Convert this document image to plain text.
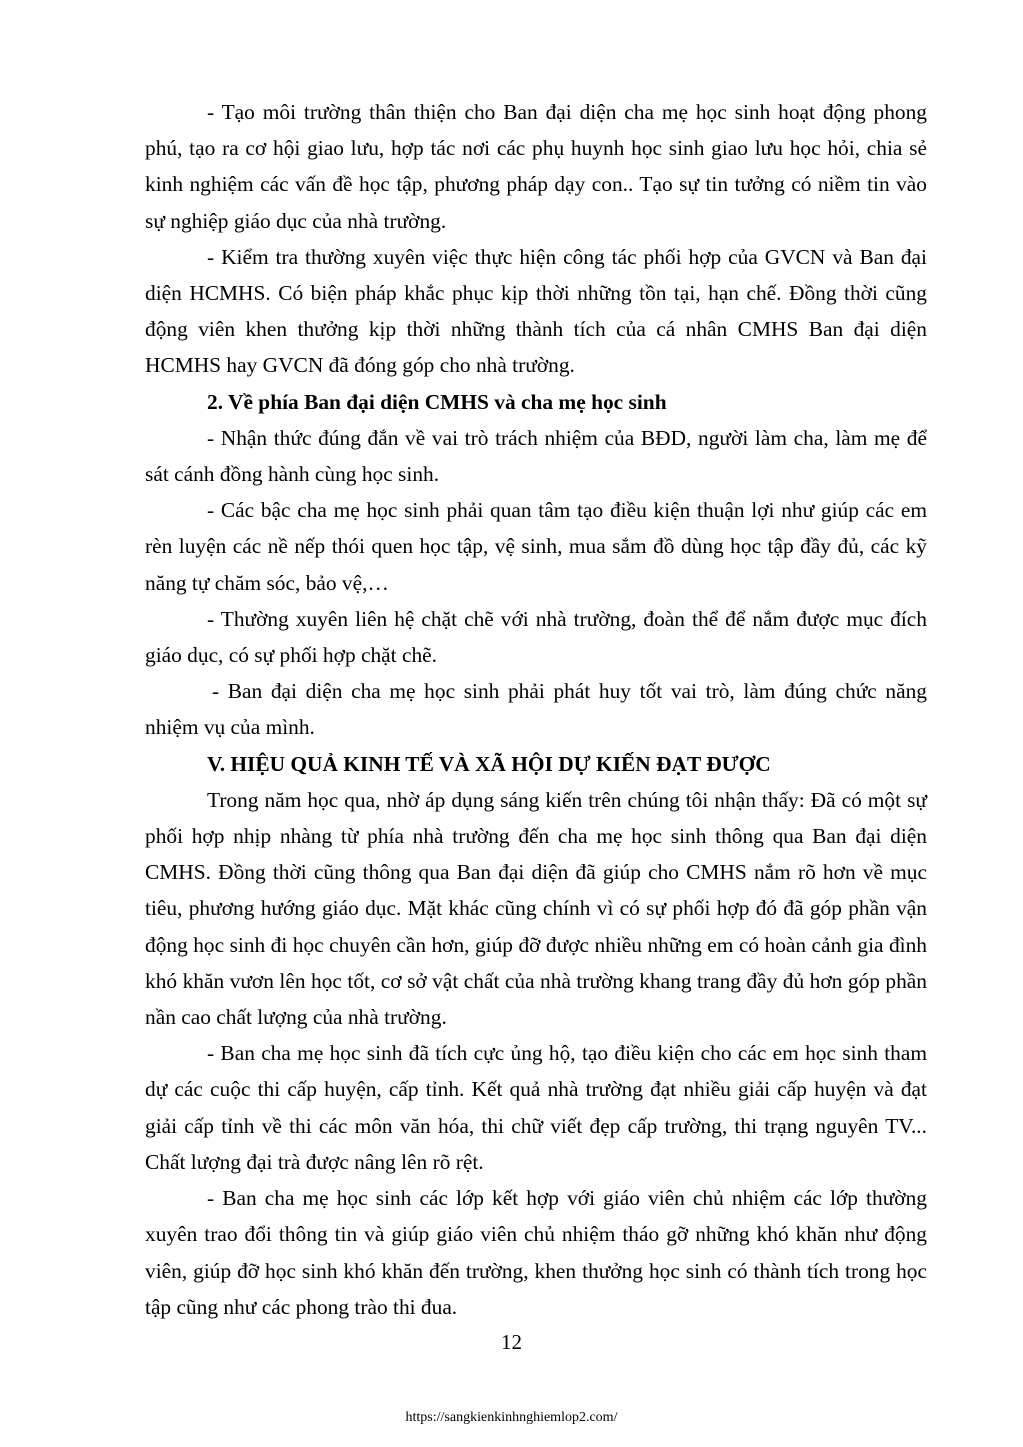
- Tạo môi trường thân thiện cho Ban đại diện cha mẹ học sinh hoạt động phong phú, tạo ra cơ hội giao lưu, hợp tác nơi các phụ huynh học sinh giao lưu học hỏi, chia sẻ kinh nghiệm các vấn đề học tập, phương pháp dạy con.. Tạo sự tin tưởng có niềm tin vào sự nghiệp giáo dục của nhà trường.

- Kiểm tra thường xuyên việc thực hiện công tác phối hợp của GVCN và Ban đại diện HCMHS. Có biện pháp khắc phục kịp thời những tồn tại, hạn chế. Đồng thời cũng động viên khen thưởng kịp thời những thành tích của cá nhân CMHS Ban đại diện HCMHS hay GVCN đã đóng góp cho nhà trường.

2. Về phía Ban đại diện CMHS và cha mẹ học sinh

- Nhận thức đúng đắn về vai trò trách nhiệm của BĐD, người làm cha, làm mẹ để sát cánh đồng hành cùng học sinh.

- Các bậc cha mẹ học sinh phải quan tâm tạo điều kiện thuận lợi như giúp các em rèn luyện các nề nếp thói quen học tập, vệ sinh, mua sắm đồ dùng học tập đầy đủ, các kỹ năng tự chăm sóc, bảo vệ,…

- Thường xuyên liên hệ chặt chẽ với nhà trường, đoàn thể để nắm được mục đích giáo dục, có sự phối hợp chặt chẽ.

- Ban đại diện cha mẹ học sinh phải phát huy tốt vai trò, làm đúng chức năng nhiệm vụ của mình.

V. HIỆU QUẢ KINH TẾ VÀ XÃ HỘI DỰ KIẾN ĐẠT ĐƯỢC

Trong năm học qua, nhờ áp dụng sáng kiến trên chúng tôi nhận thấy: Đã có một sự phối hợp nhịp nhàng từ phía nhà trường đến cha mẹ học sinh thông qua Ban đại diện CMHS. Đồng thời cũng thông qua Ban đại diện đã giúp cho CMHS nắm rõ hơn về mục tiêu, phương hướng giáo dục. Mặt khác cũng chính vì có sự phối hợp đó đã góp phần vận động học sinh đi học chuyên cần hơn, giúp đỡ được nhiều những em có hoàn cảnh gia đình khó khăn vươn lên học tốt, cơ sở vật chất của nhà trường khang trang đầy đủ hơn góp phần nần cao chất lượng của nhà trường.

- Ban cha mẹ học sinh đã tích cực ủng hộ, tạo điều kiện cho các em học sinh tham dự các cuộc thi cấp huyện, cấp tỉnh. Kết quả nhà trường đạt nhiều giải cấp huyện và đạt giải cấp tỉnh về thi các môn văn hóa, thi chữ viết đẹp cấp trường, thi trạng nguyên TV... Chất lượng đại trà được nâng lên rõ rệt.

- Ban cha mẹ học sinh các lớp kết hợp với giáo viên chủ nhiệm các lớp thường xuyên trao đổi thông tin và giúp giáo viên chủ nhiệm tháo gỡ những khó khăn như động viên, giúp đỡ học sinh khó khăn đến trường, khen thưởng học sinh có thành tích trong học tập cũng như các phong trào thi đua.

12
https://sangkienkinhnghiemlop2.com/
